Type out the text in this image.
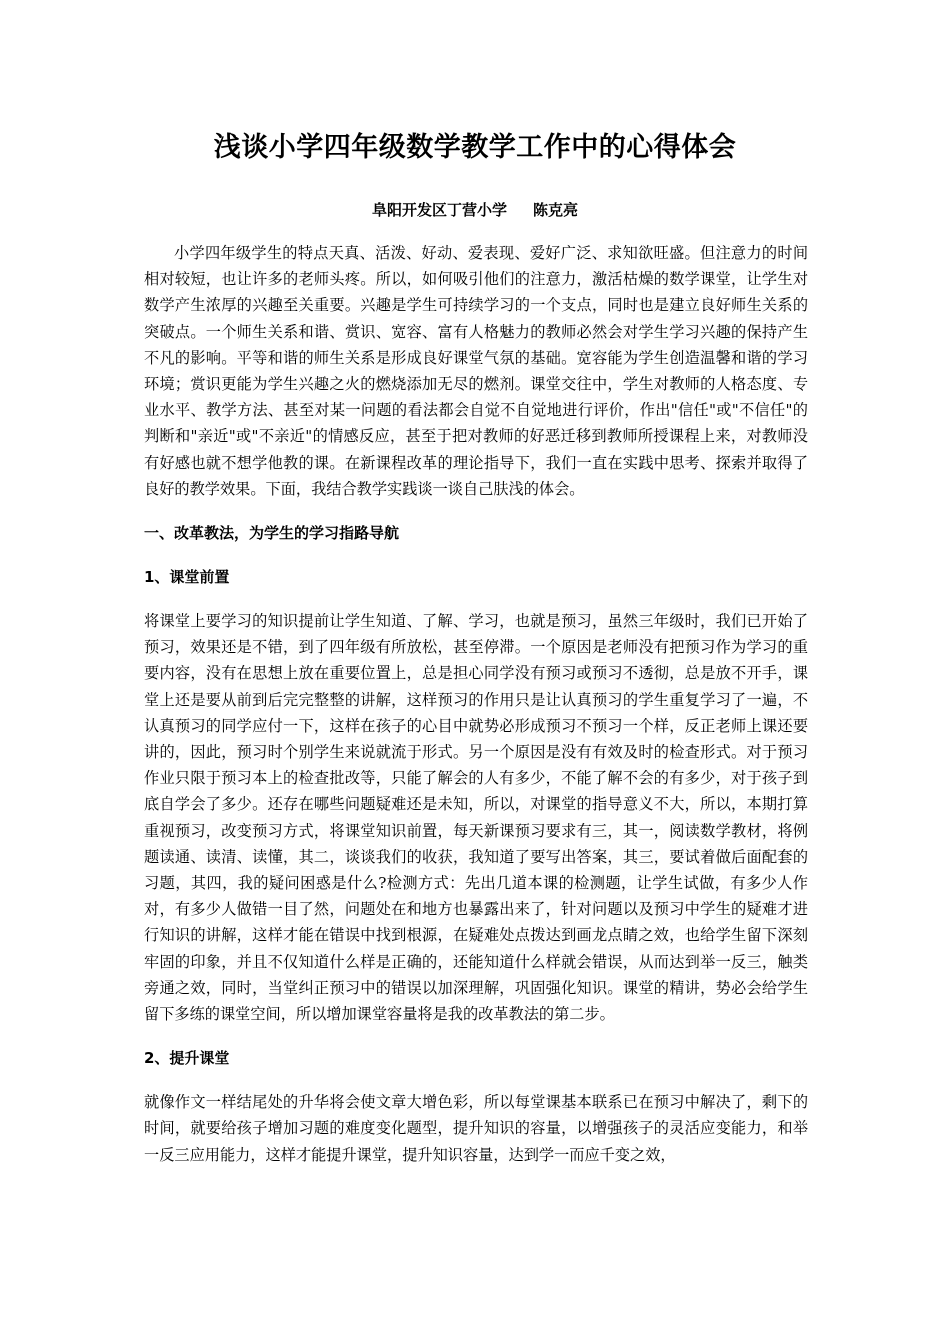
浅谈小学四年级数学教学工作中的心得体会
阜阳开发区丁营小学 陈克亮

小学四年级学生的特点天真、活泼、好动、爱表现、爱好广泛、求知欲旺盛。但注意力的时间相对较短，也让许多的老师头疼。所以，如何吸引他们的注意力，激活枯燥的数学课堂，让学生对数学产生浓厚的兴趣至关重要。兴趣是学生可持续学习的一个支点，同时也是建立良好师生关系的突破点。一个师生关系和谐、赏识、宽容、富有人格魅力的教师必然会对学生学习兴趣的保持产生不凡的影响。平等和谐的师生关系是形成良好课堂气氛的基础。宽容能为学生创造温馨和谐的学习环境；赏识更能为学生兴趣之火的燃烧添加无尽的燃剂。课堂交往中，学生对教师的人格态度、专业水平、教学方法、甚至对某一问题的看法都会自觉不自觉地进行评价，作出"信任"或"不信任"的判断和"亲近"或"不亲近"的情感反应，甚至于把对教师的好恶迁移到教师所授课程上来，对教师没有好感也就不想学他教的课。在新课程改革的理论指导下，我们一直在实践中思考、探索并取得了良好的教学效果。下面，我结合教学实践谈一谈自己肤浅的体会。

一、改革教法，为学生的学习指路导航
1、课堂前置

将课堂上要学习的知识提前让学生知道、了解、学习，也就是预习，虽然三年级时，我们已开始了预习，效果还是不错，到了四年级有所放松，甚至停滞。一个原因是老师没有把预习作为学习的重要内容，没有在思想上放在重要位置上，总是担心同学没有预习或预习不透彻，总是放不开手，课堂上还是要从前到后完完整整的讲解，这样预习的作用只是让认真预习的学生重复学习了一遍，不认真预习的同学应付一下，这样在孩子的心目中就势必形成预习不预习一个样，反正老师上课还要讲的，因此，预习时个别学生来说就流于形式。另一个原因是没有有效及时的检查形式。对于预习作业只限于预习本上的检查批改等，只能了解会的人有多少，不能了解不会的有多少，对于孩子到底自学会了多少。还存在哪些问题疑难还是未知，所以，对课堂的指导意义不大，所以，本期打算重视预习，改变预习方式，将课堂知识前置，每天新课预习要求有三，其一，阅读数学教材，将例题读通、读清、读懂，其二，谈谈我们的收获，我知道了要写出答案，其三，要试着做后面配套的习题，其四，我的疑问困惑是什么?检测方式：先出几道本课的检测题，让学生试做，有多少人作对，有多少人做错一目了然，问题处在和地方也暴露出来了，针对问题以及预习中学生的疑难才进行知识的讲解，这样才能在错误中找到根源，在疑难处点拨达到画龙点睛之效，也给学生留下深刻牢固的印象，并且不仅知道什么样是正确的，还能知道什么样就会错误，从而达到举一反三，触类旁通之效，同时，当堂纠正预习中的错误以加深理解，巩固强化知识。课堂的精讲，势必会给学生留下多练的课堂空间，所以增加课堂容量将是我的改革教法的第二步。

2、提升课堂

就像作文一样结尾处的升华将会使文章大增色彩，所以每堂课基本联系已在预习中解决了，剩下的时间，就要给孩子增加习题的难度变化题型，提升知识的容量，以增强孩子的灵活应变能力，和举一反三应用能力，这样才能提升课堂，提升知识容量，达到学一而应千变之效，
